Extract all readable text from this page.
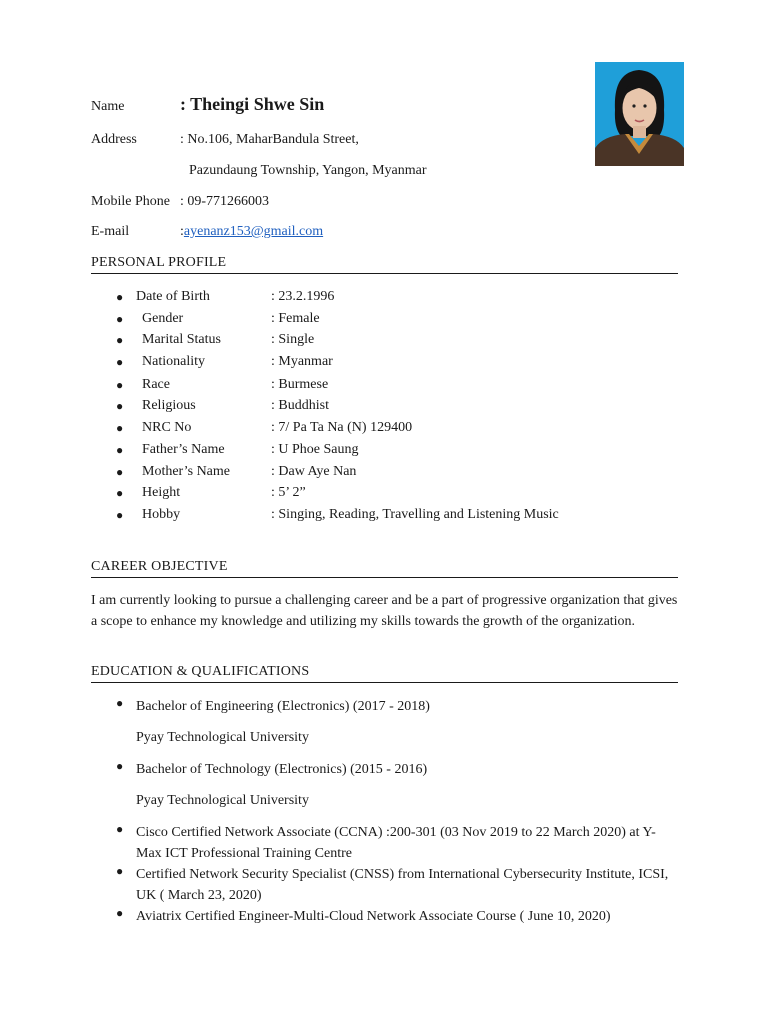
Name	: Theingi Shwe Sin
Address	: No.106, MaharBandula Street,
Pazundaung Township, Yangon, Myanmar
Mobile Phone : 09-771266003
E-mail	:ayenanz153@gmail.com
PERSONAL PROFILE
● Date of Birth	: 23.2.1996
● Gender	: Female
● Marital Status	: Single
● Nationality	: Myanmar
● Race	: Burmese
● Religious	: Buddhist
● NRC No	: 7/ Pa Ta Na (N) 129400
● Father’s Name	: U Phoe Saung
● Mother’s Name	: Daw Aye Nan
● Height	: 5’ 2”
● Hobby	: Singing, Reading, Travelling and Listening Music
CAREER OBJECTIVE
I am currently looking to pursue a challenging career and be a part of progressive organization that gives a scope to enhance my knowledge and utilizing my skills towards the growth of the organization.
EDUCATION & QUALIFICATIONS
● Bachelor of Engineering (Electronics) (2017 - 2018)
Pyay Technological University
● Bachelor of Technology (Electronics) (2015 - 2016)
Pyay Technological University
● Cisco Certified Network Associate (CCNA) :200-301 (03 Nov 2019 to 22 March 2020) at Y-Max ICT Professional Training Centre
● Certified Network Security Specialist (CNSS) from International Cybersecurity Institute, ICSI, UK ( March 23, 2020)
● Aviatrix Certified Engineer-Multi-Cloud Network Associate Course ( June 10, 2020)
